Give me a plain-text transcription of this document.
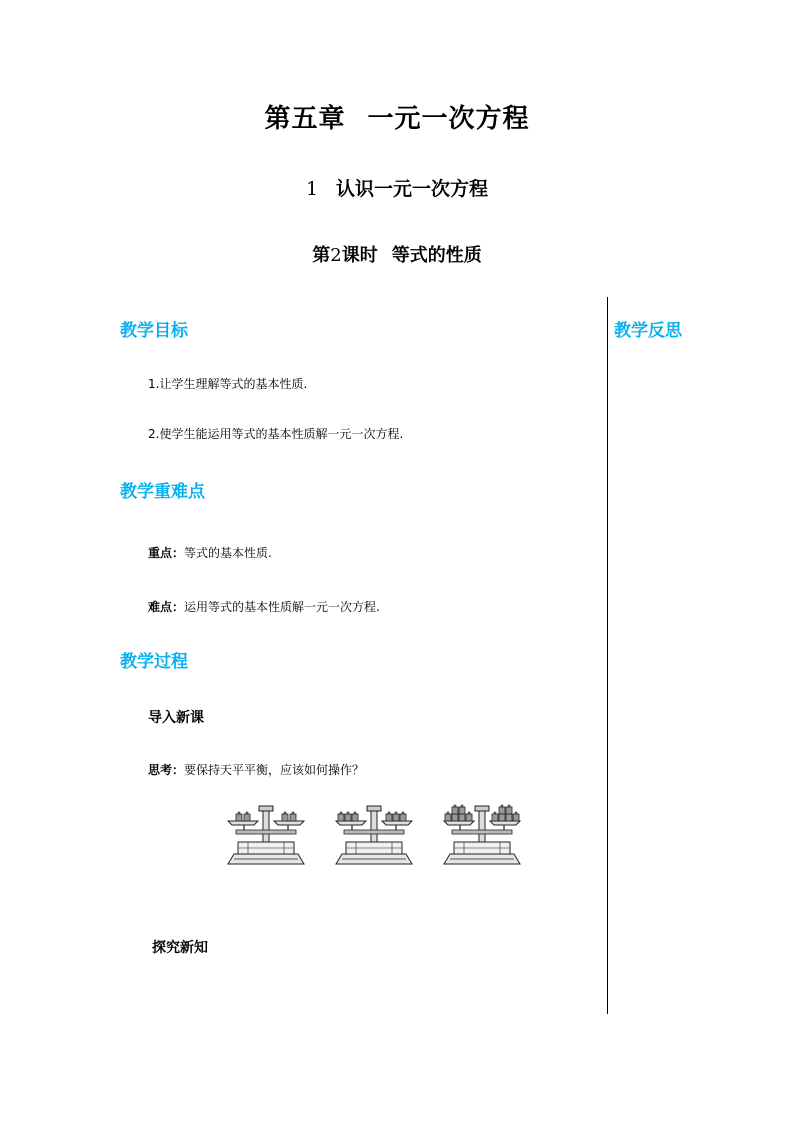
第五章 一元一次方程
1 认识一元一次方程
第2课时 等式的性质
教学反思
教学目标
1.让学生理解等式的基本性质.
2.使学生能运用等式的基本性质解一元一次方程.
教学重难点
重点：等式的基本性质.
难点：运用等式的基本性质解一元一次方程.
教学过程
导入新课
思考：要保持天平平衡，应该如何操作？
探究新知
